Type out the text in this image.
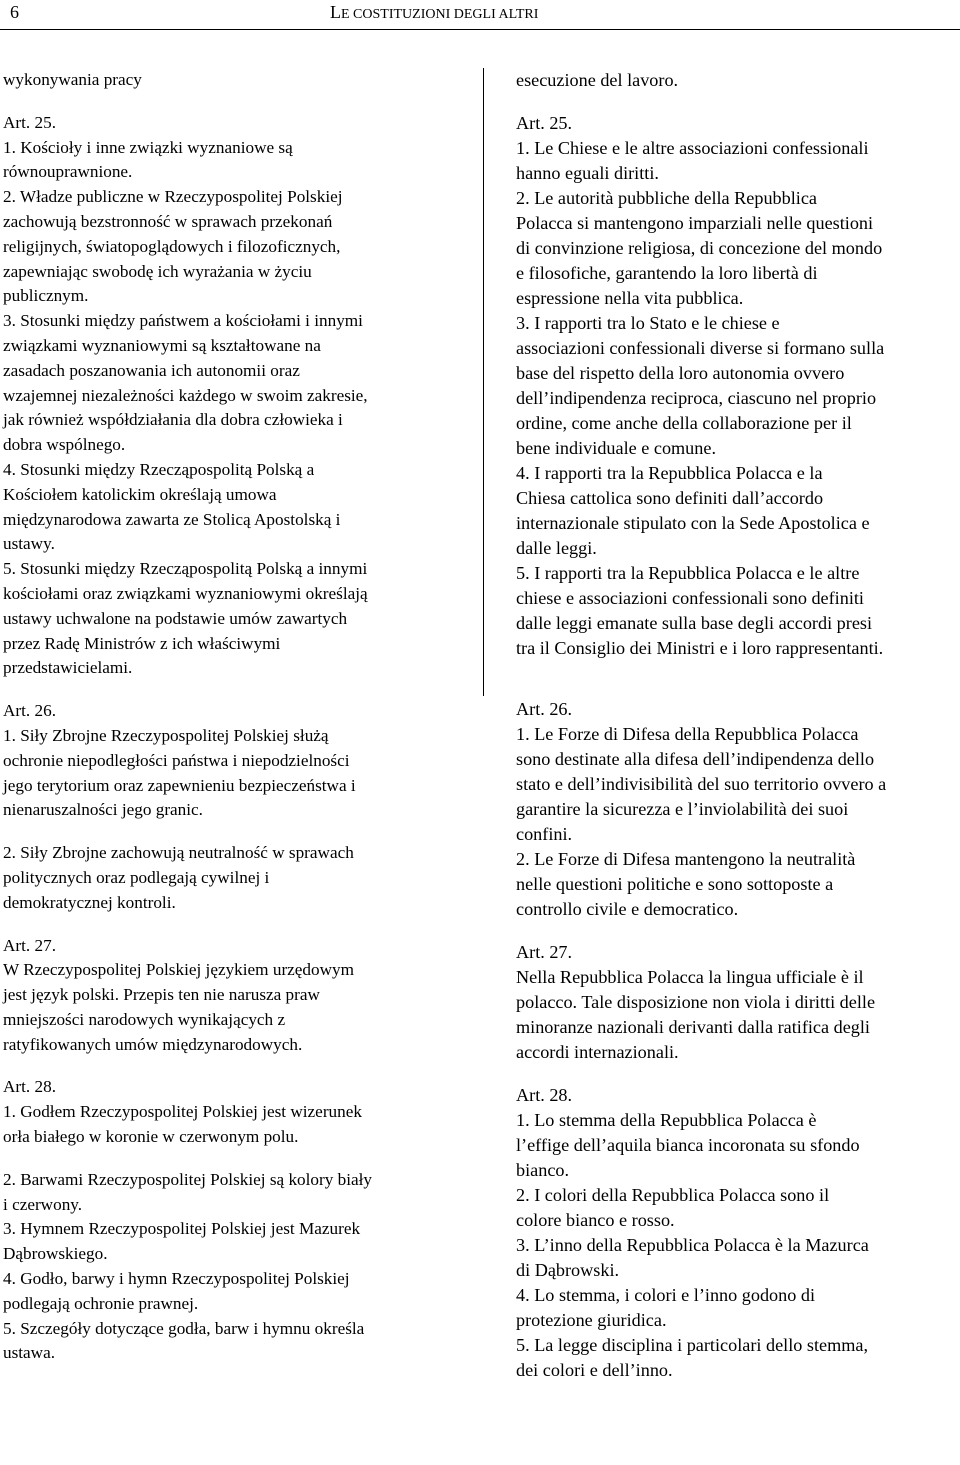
6	LE COSTITUZIONI DEGLI ALTRI
wykonywania pracy
Art. 25.
1. Kościoły i inne związki wyznaniowe są
równouprawnione.
2. Władze publiczne w Rzeczypospolitej Polskiej
zachowują bezstronność w sprawach przekonań
religijnych, światopoglądowych i filozoficznych,
zapewniając swobodę ich wyrażania w życiu
publicznym.
3. Stosunki między państwem a kościołami i innymi
związkami wyznaniowymi są kształtowane na
zasadach poszanowania ich autonomii oraz
wzajemnej niezależności każdego w swoim zakresie,
jak również współdziałania dla dobra człowieka i
dobra wspólnego.
4. Stosunki między Rzecząpospolitą Polską a
Kościołem katolickim określają umowa
międzynarodowa zawarta ze Stolicą Apostolską i
ustawy.
5. Stosunki między Rzecząpospolitą Polską a innymi
kościołami oraz związkami wyznaniowymi określają
ustawy uchwalone na podstawie umów zawartych
przez Radę Ministrów z ich właściwymi
przedstawicielami.
Art. 26.
1. Siły Zbrojne Rzeczypospolitej Polskiej służą
ochronie niepodległości państwa i niepodzielności
jego terytorium oraz zapewnieniu bezpieczeństwa i
nienaruszalności jego granic.
2. Siły Zbrojne zachowują neutralność w sprawach
politycznych oraz podlegają cywilnej i
demokratycznej kontroli.
Art. 27.
W Rzeczypospolitej Polskiej językiem urzędowym
jest język polski. Przepis ten nie narusza praw
mniejszości narodowych wynikających z
ratyfikowanych umów międzynarodowych.
Art. 28.
1. Godłem Rzeczypospolitej Polskiej jest wizerunek
orła białego w koronie w czerwonym polu.
2. Barwami Rzeczypospolitej Polskiej są kolory biały
i czerwony.
3. Hymnem Rzeczypospolitej Polskiej jest Mazurek
Dąbrowskiego.
4. Godło, barwy i hymn Rzeczypospolitej Polskiej
podlegają ochronie prawnej.
5. Szczegóły dotyczące godła, barw i hymnu określa
ustawa.
esecuzione del lavoro.
Art. 25.
1. Le Chiese e le altre associazioni confessionali
hanno eguali diritti.
2. Le autorità pubbliche della Repubblica
Polacca si mantengono imparziali nelle questioni
di convinzione religiosa, di concezione del mondo
e filosofiche, garantendo la loro libertà di
espressione nella vita pubblica.
3. I rapporti tra lo Stato e le chiese e
associazioni confessionali diverse si formano sulla
base del rispetto della loro autonomia ovvero
dell’indipendenza reciproca, ciascuno nel proprio
ordine, come anche della collaborazione per il
bene individuale e comune.
4. I rapporti tra la Repubblica Polacca e la
Chiesa cattolica sono definiti dall’accordo
internazionale stipulato con la Sede Apostolica e
dalle leggi.
5. I rapporti tra la Repubblica Polacca e le altre
chiese e associazioni confessionali sono definiti
dalle leggi emanate sulla base degli accordi presi
tra il Consiglio dei Ministri e i loro rappresentanti.
Art. 26.
1. Le Forze di Difesa della Repubblica Polacca
sono destinate alla difesa dell’indipendenza dello
stato e dell’indivisibilità del suo territorio ovvero a
garantire la sicurezza e l’inviolabilità dei suoi
confini.
2. Le Forze di Difesa mantengono la neutralità
nelle questioni politiche e sono sottoposte a
controllo civile e democratico.
Art. 27.
Nella Repubblica Polacca la lingua ufficiale è il
polacco. Tale disposizione non viola i diritti delle
minoranze nazionali derivanti dalla ratifica degli
accordi internazionali.
Art. 28.
1. Lo stemma della Repubblica Polacca è
l’effige dell’aquila bianca incoronata su sfondo
bianco.
2. I colori della Repubblica Polacca sono il
colore bianco e rosso.
3. L’inno della Repubblica Polacca è la Mazurca
di Dąbrowski.
4. Lo stemma, i colori e l’inno godono di
protezione giuridica.
5. La legge disciplina i particolari dello stemma,
dei colori e dell’inno.
